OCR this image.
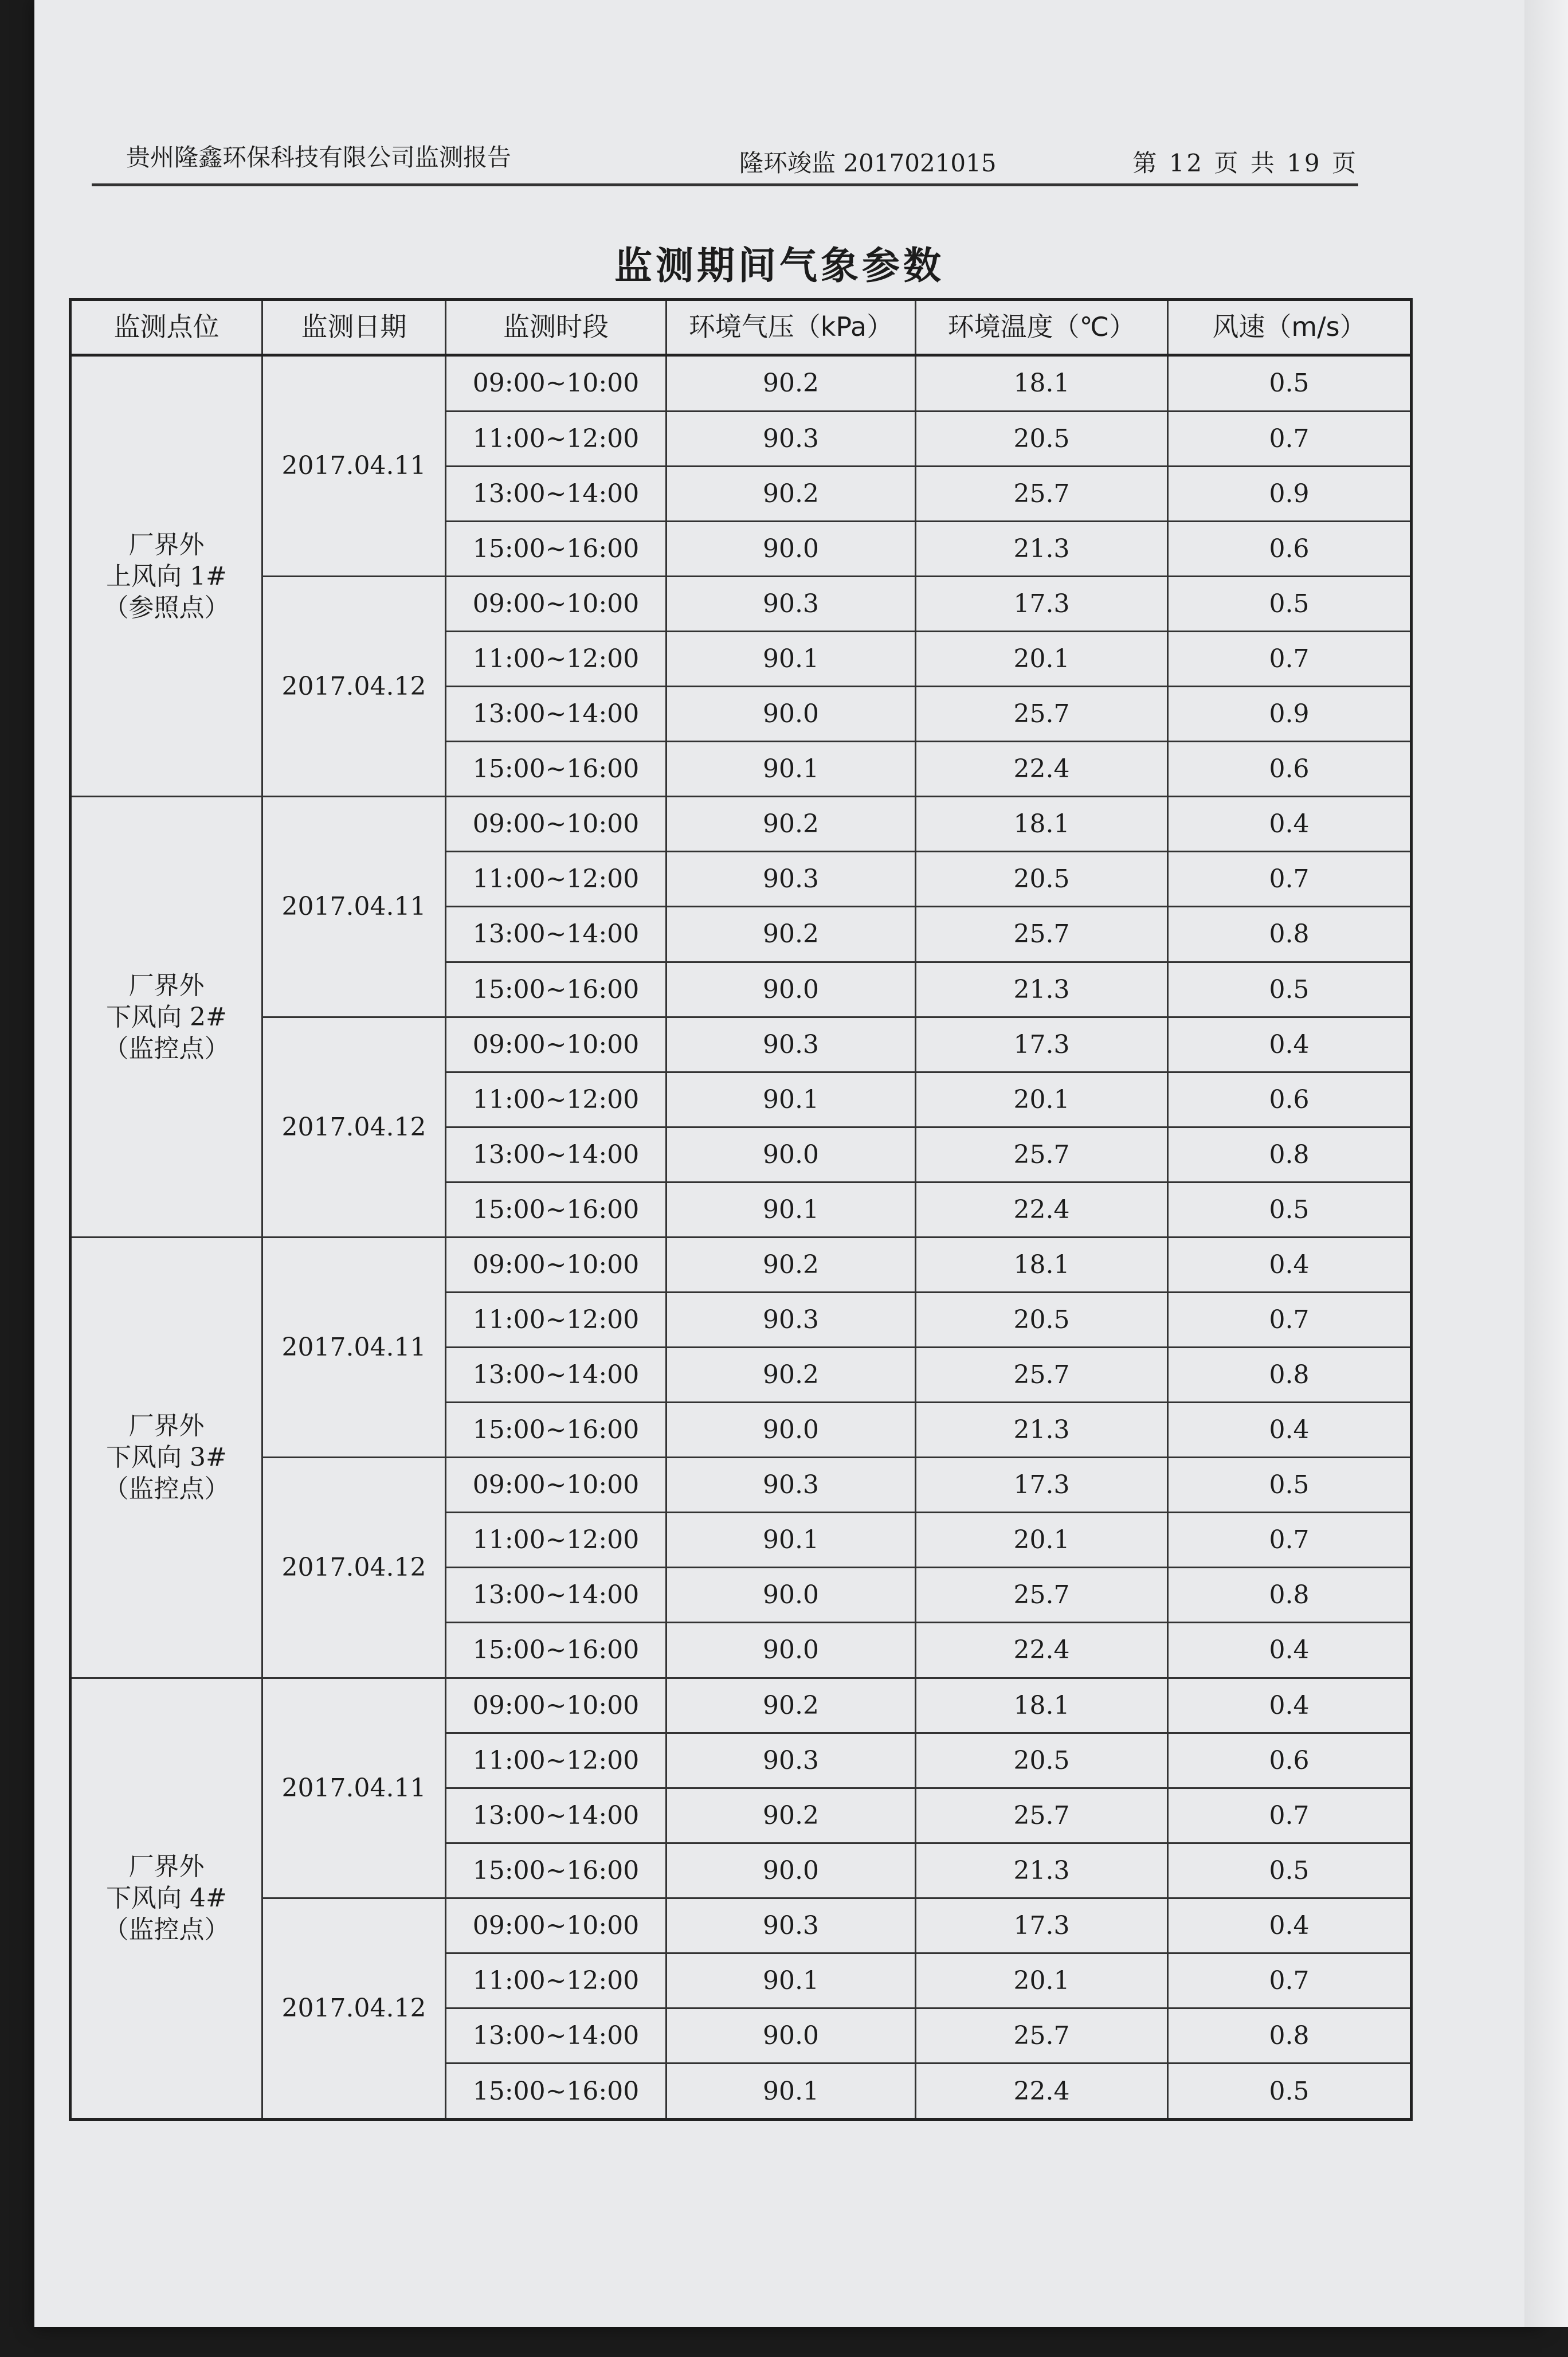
贵州隆鑫环保科技有限公司监测报告	隆环竣监 2017021015	第 12 页 共 19 页
监测期间气象参数
监测点位	监测日期	监测时段	环境气压（kPa）	环境温度（℃）	风速（m/s）

厂界外
上风向 1#
（参照点）	2017.04.11	09:00~10:00	90.2	18.1	0.5
		11:00~12:00	90.3	20.5	0.7
		13:00~14:00	90.2	25.7	0.9
		15:00~16:00	90.0	21.3	0.6
	2017.04.12	09:00~10:00	90.3	17.3	0.5
		11:00~12:00	90.1	20.1	0.7
		13:00~14:00	90.0	25.7	0.9
		15:00~16:00	90.1	22.4	0.6

厂界外
下风向 2#
（监控点）	2017.04.11	09:00~10:00	90.2	18.1	0.4
		11:00~12:00	90.3	20.5	0.7
		13:00~14:00	90.2	25.7	0.8
		15:00~16:00	90.0	21.3	0.5
	2017.04.12	09:00~10:00	90.3	17.3	0.4
		11:00~12:00	90.1	20.1	0.6
		13:00~14:00	90.0	25.7	0.8
		15:00~16:00	90.1	22.4	0.5

厂界外
下风向 3#
（监控点）	2017.04.11	09:00~10:00	90.2	18.1	0.4
		11:00~12:00	90.3	20.5	0.7
		13:00~14:00	90.2	25.7	0.8
		15:00~16:00	90.0	21.3	0.4
	2017.04.12	09:00~10:00	90.3	17.3	0.5
		11:00~12:00	90.1	20.1	0.7
		13:00~14:00	90.0	25.7	0.8
		15:00~16:00	90.0	22.4	0.4

厂界外
下风向 4#
（监控点）	2017.04.11	09:00~10:00	90.2	18.1	0.4
		11:00~12:00	90.3	20.5	0.6
		13:00~14:00	90.2	25.7	0.7
		15:00~16:00	90.0	21.3	0.5
	2017.04.12	09:00~10:00	90.3	17.3	0.4
		11:00~12:00	90.1	20.1	0.7
		13:00~14:00	90.0	25.7	0.8
		15:00~16:00	90.1	22.4	0.5
